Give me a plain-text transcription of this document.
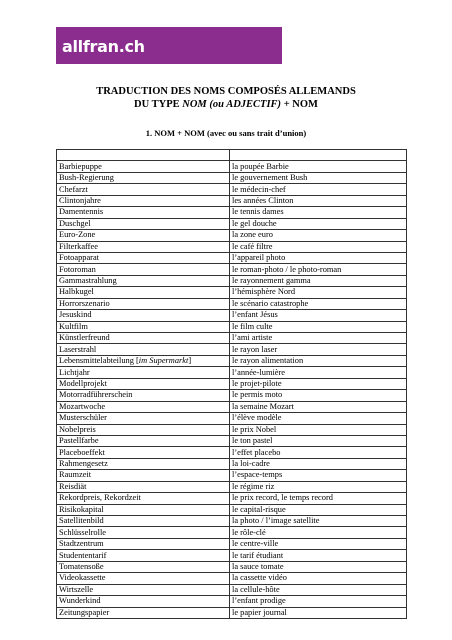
allfran.ch
TRADUCTION DES NOMS COMPOSÉS ALLEMANDS
DU TYPE NOM (ou ADJECTIF) + NOM
1. NOM + NOM (avec ou sans trait d’union)

Barbiepuppe	la poupée Barbie
Bush-Regierung	le gouvernement Bush
Chefarzt	le médecin-chef
Clintonjahre	les années Clinton
Damentennis	le tennis dames
Duschgel	le gel douche
Euro-Zone	la zone euro
Filterkaffee	le café filtre
Fotoapparat	l’appareil photo
Fotoroman	le roman-photo / le photo-roman
Gammastrahlung	le rayonnement gamma
Halbkugel	l’hémisphère Nord
Horrorszenario	le scénario catastrophe
Jesuskind	l’enfant Jésus
Kultfilm	le film culte
Künstlerfreund	l’ami artiste
Laserstrahl	le rayon laser
Lebensmittelabteilung [im Supermarkt]	le rayon alimentation
Lichtjahr	l’année-lumière
Modellprojekt	le projet-pilote
Motorradführerschein	le permis moto
Mozartwoche	la semaine Mozart
Musterschüler	l’élève modèle
Nobelpreis	le prix Nobel
Pastellfarbe	le ton pastel
Placeboeffekt	l’effet placebo
Rahmengesetz	la loi-cadre
Raumzeit	l’espace-temps
Reisdiät	le régime riz
Rekordpreis, Rekordzeit	le prix record, le temps record
Risikokapital	le capital-risque
Satellitenbild	la photo / l’image satellite
Schlüsselrolle	le rôle-clé
Stadtzentrum	le centre-ville
Studententarif	le tarif étudiant
Tomatensoße	la sauce tomate
Videokassette	la cassette vidéo
Wirtszelle	la cellule-hôte
Wunderkind	l’enfant prodige
Zeitungspapier	le papier journal
